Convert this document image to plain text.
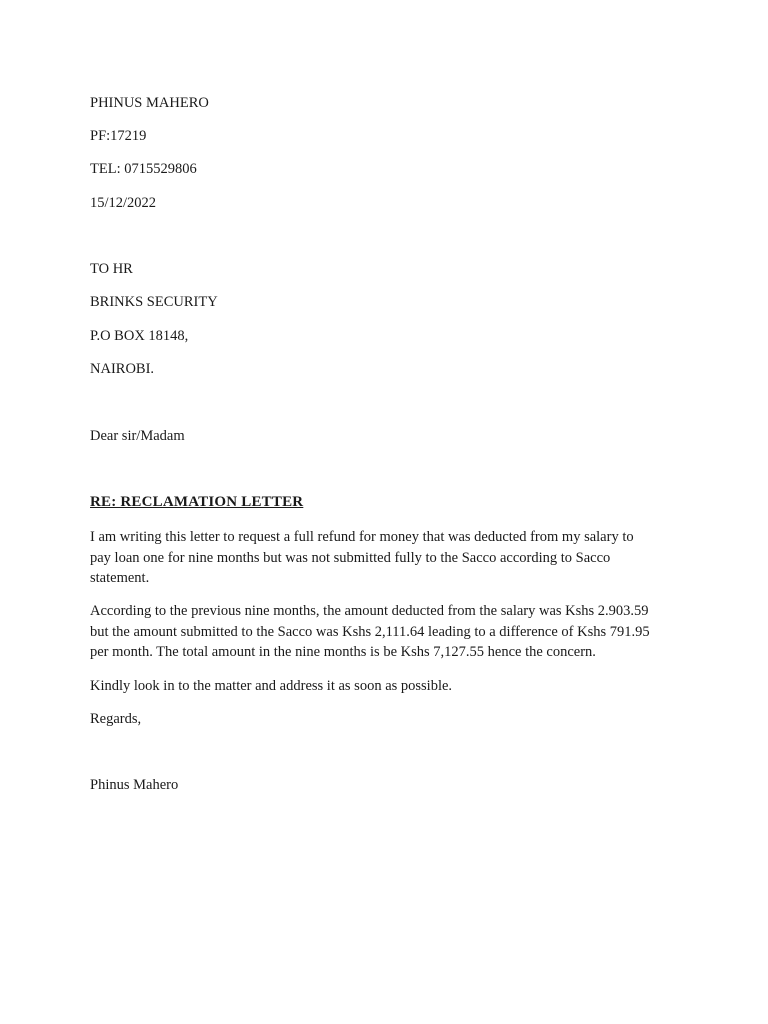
PHINUS MAHERO
PF:17219
TEL: 0715529806
15/12/2022
TO HR
BRINKS SECURITY
P.O BOX 18148,
NAIROBI.
Dear sir/Madam
RE: RECLAMATION LETTER
I am writing this letter to request a full refund for money that was deducted from my salary to
pay loan one for nine months but was not submitted fully to the Sacco according to Sacco
statement.
According to the previous nine months, the amount deducted from the salary was Kshs 2.903.59
but the amount submitted to the Sacco was Kshs 2,111.64 leading to a difference of Kshs 791.95
per month. The total amount in the nine months is be Kshs 7,127.55 hence the concern.
Kindly look in to the matter and address it as soon as possible.
Regards,
Phinus Mahero
